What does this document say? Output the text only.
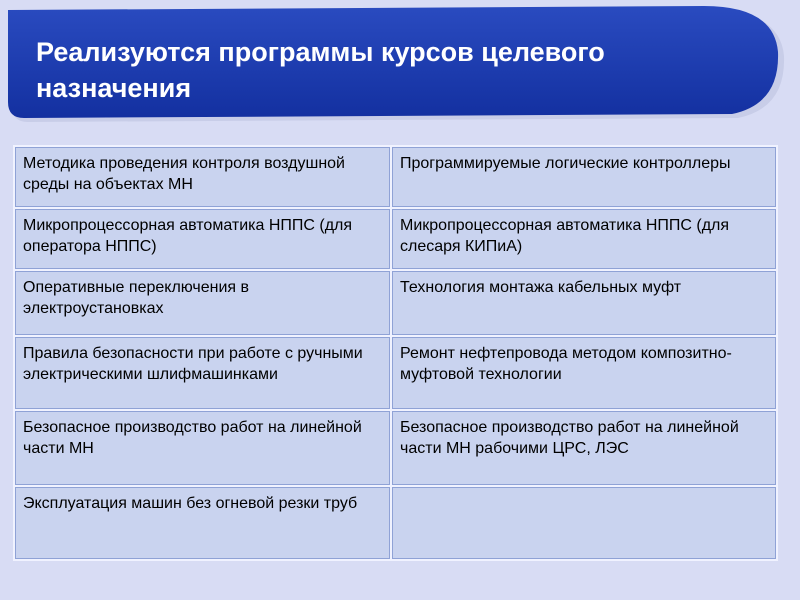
Реализуются программы курсов целевого назначения
Методика проведения контроля воздушной среды на объектах МН	Программируемые логические контроллеры
Микропроцессорная автоматика НППС (для оператора НППС)	Микропроцессорная автоматика НППС (для слесаря КИПиА)
Оперативные переключения в электроустановках	Технология монтажа кабельных муфт
Правила безопасности при работе с ручными электрическими шлифмашинками	Ремонт нефтепровода методом композитно-муфтовой технологии
Безопасное производство работ на линейной части МН	Безопасное производство работ на линейной части МН рабочими ЦРС, ЛЭС
Эксплуатация машин без огневой резки труб	
